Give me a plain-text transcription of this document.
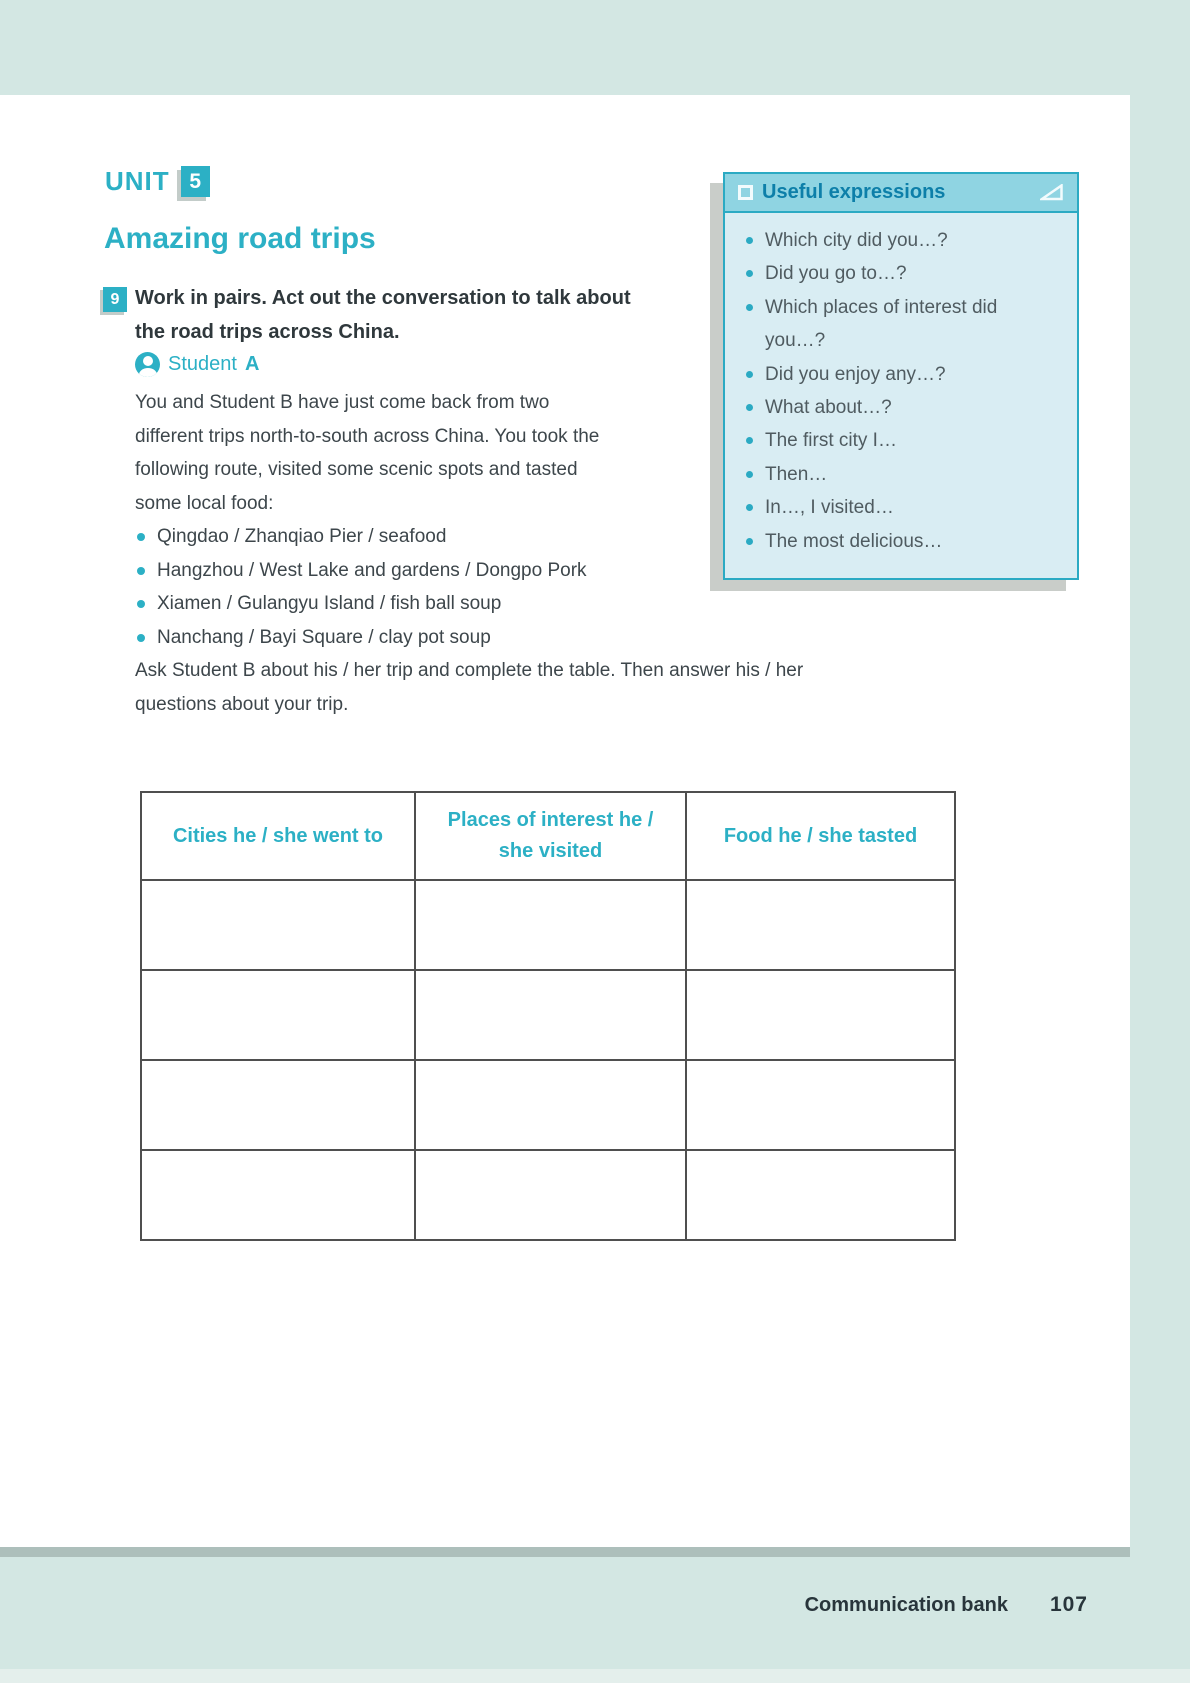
UNIT 5
Amazing road trips
9 Work in pairs. Act out the conversation to talk about
the road trips across China.
Student A
You and Student B have just come back from two
different trips north-to-south across China. You took the
following route, visited some scenic spots and tasted
some local food:
Qingdao / Zhanqiao Pier / seafood
Hangzhou / West Lake and gardens / Dongpo Pork
Xiamen / Gulangyu Island / fish ball soup
Nanchang / Bayi Square / clay pot soup
Ask Student B about his / her trip and complete the table. Then answer his / her questions about your trip.
Cities he / she went to	Places of interest he /
she visited	Food he / she tasted

Useful expressions
Which city did you…?
Did you go to…?
Which places of interest did
you…?
Did you enjoy any…?
What about…?
The first city I…
Then…
In…, I visited…
The most delicious…
Communication bank 107
